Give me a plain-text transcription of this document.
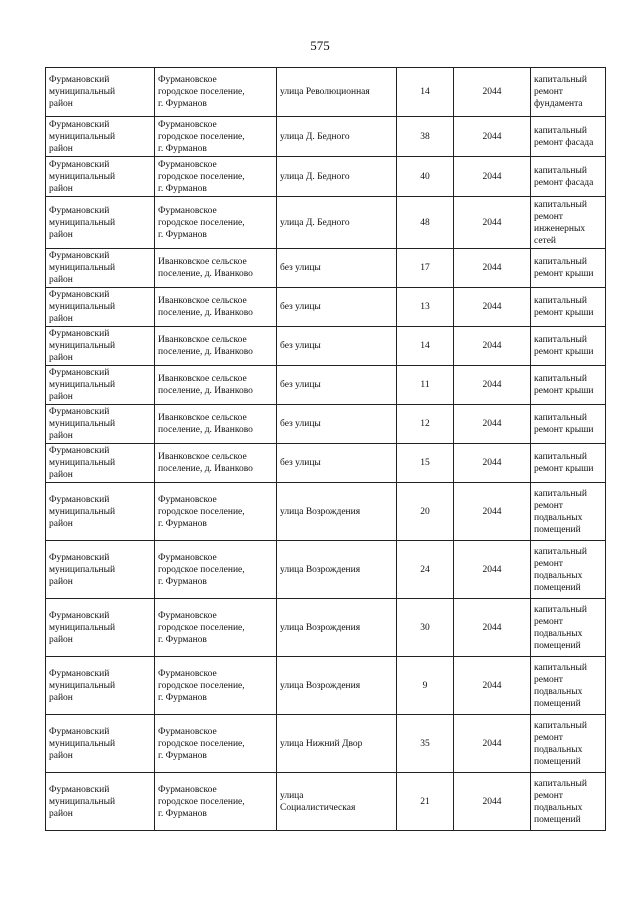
575
Фурмановский
муниципальный
район	Фурмановское
городское поселение,
г. Фурманов	улица Революционная	14	2044	капитальный
ремонт
фундамента
Фурмановский
муниципальный
район	Фурмановское
городское поселение,
г. Фурманов	улица Д. Бедного	38	2044	капитальный
ремонт фасада
Фурмановский
муниципальный
район	Фурмановское
городское поселение,
г. Фурманов	улица Д. Бедного	40	2044	капитальный
ремонт фасада
Фурмановский
муниципальный
район	Фурмановское
городское поселение,
г. Фурманов	улица Д. Бедного	48	2044	капитальный
ремонт
инженерных
сетей
Фурмановский
муниципальный
район	Иванковское сельское
поселение, д. Иванково	без улицы	17	2044	капитальный
ремонт крыши
Фурмановский
муниципальный
район	Иванковское сельское
поселение, д. Иванково	без улицы	13	2044	капитальный
ремонт крыши
Фурмановский
муниципальный
район	Иванковское сельское
поселение, д. Иванково	без улицы	14	2044	капитальный
ремонт крыши
Фурмановский
муниципальный
район	Иванковское сельское
поселение, д. Иванково	без улицы	11	2044	капитальный
ремонт крыши
Фурмановский
муниципальный
район	Иванковское сельское
поселение, д. Иванково	без улицы	12	2044	капитальный
ремонт крыши
Фурмановский
муниципальный
район	Иванковское сельское
поселение, д. Иванково	без улицы	15	2044	капитальный
ремонт крыши
Фурмановский
муниципальный
район	Фурмановское
городское поселение,
г. Фурманов	улица Возрождения	20	2044	капитальный
ремонт
подвальных
помещений
Фурмановский
муниципальный
район	Фурмановское
городское поселение,
г. Фурманов	улица Возрождения	24	2044	капитальный
ремонт
подвальных
помещений
Фурмановский
муниципальный
район	Фурмановское
городское поселение,
г. Фурманов	улица Возрождения	30	2044	капитальный
ремонт
подвальных
помещений
Фурмановский
муниципальный
район	Фурмановское
городское поселение,
г. Фурманов	улица Возрождения	9	2044	капитальный
ремонт
подвальных
помещений
Фурмановский
муниципальный
район	Фурмановское
городское поселение,
г. Фурманов	улица Нижний Двор	35	2044	капитальный
ремонт
подвальных
помещений
Фурмановский
муниципальный
район	Фурмановское
городское поселение,
г. Фурманов	улица
Социалистическая	21	2044	капитальный
ремонт
подвальных
помещений
